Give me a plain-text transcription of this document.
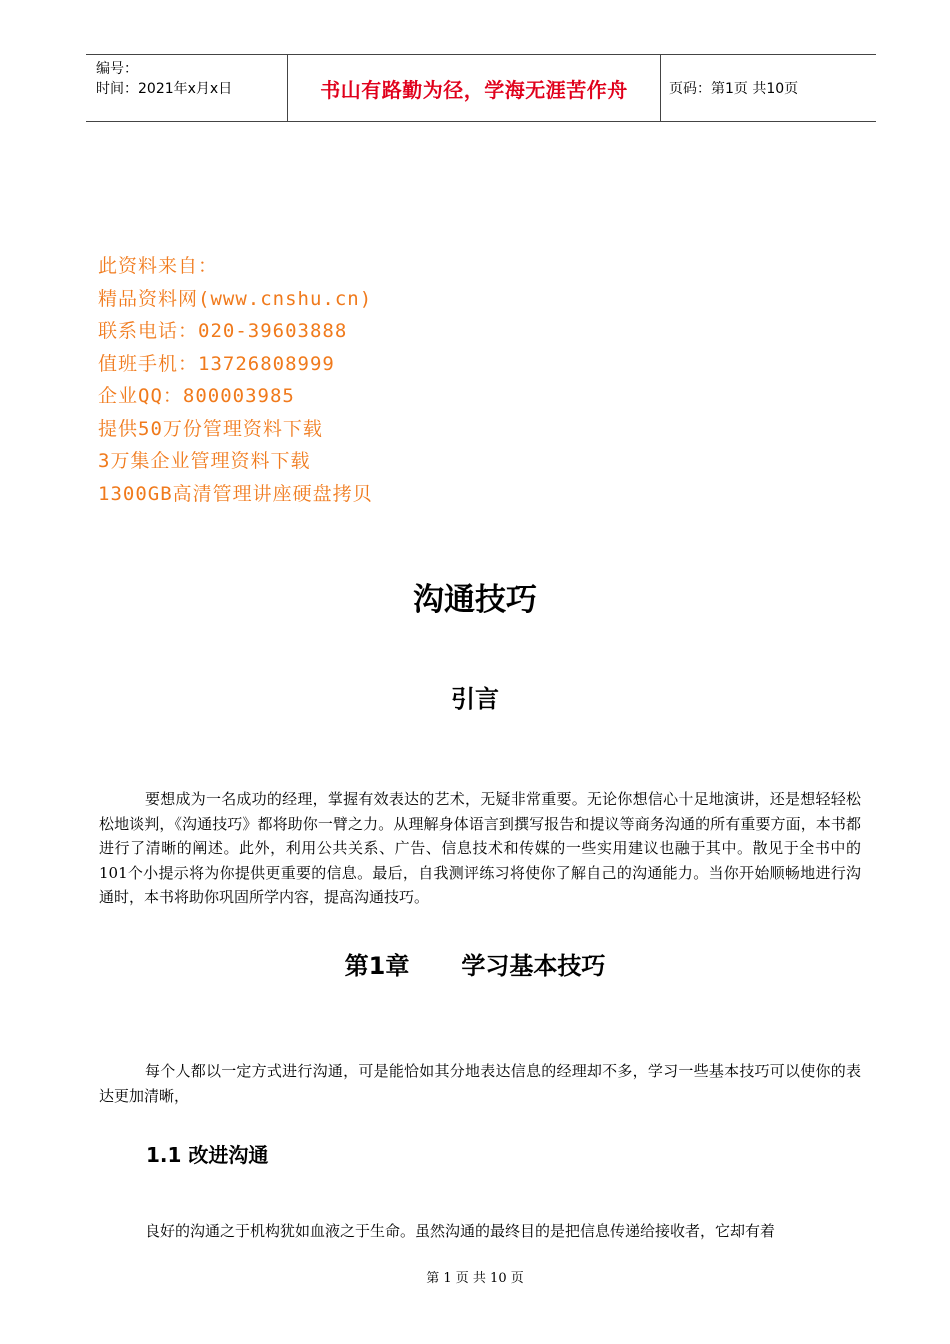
编号：
时间：2021年x月x日	书山有路勤为径，学海无涯苦作舟	页码：第1页 共10页
此资料来自：
精品资料网(www.cnshu.cn)
联系电话：020-39603888
值班手机：13726808999
企业QQ：800003985
提供50万份管理资料下载
3万集企业管理资料下载
1300GB高清管理讲座硬盘拷贝
沟通技巧
引言

要想成为一名成功的经理，掌握有效表达的艺术，无疑非常重要。无论你想信心十足地演讲，还是想轻轻松松地谈判，《沟通技巧》都将助你一臂之力。从理解身体语言到撰写报告和提议等商务沟通的所有重要方面，本书都进行了清晰的阐述。此外，利用公共关系、广告、信息技术和传媒的一些实用建议也融于其中。散见于全书中的101个小提示将为你提供更重要的信息。最后，自我测评练习将使你了解自己的沟通能力。当你开始顺畅地进行沟通时，本书将助你巩固所学内容，提高沟通技巧。

第1章 学习基本技巧

每个人都以一定方式进行沟通，可是能恰如其分地表达信息的经理却不多，学习一些基本技巧可以使你的表达更加清晰，

1.1 改进沟通

良好的沟通之于机构犹如血液之于生命。虽然沟通的最终目的是把信息传递给接收者，它却有着

第 1 页 共 10 页
